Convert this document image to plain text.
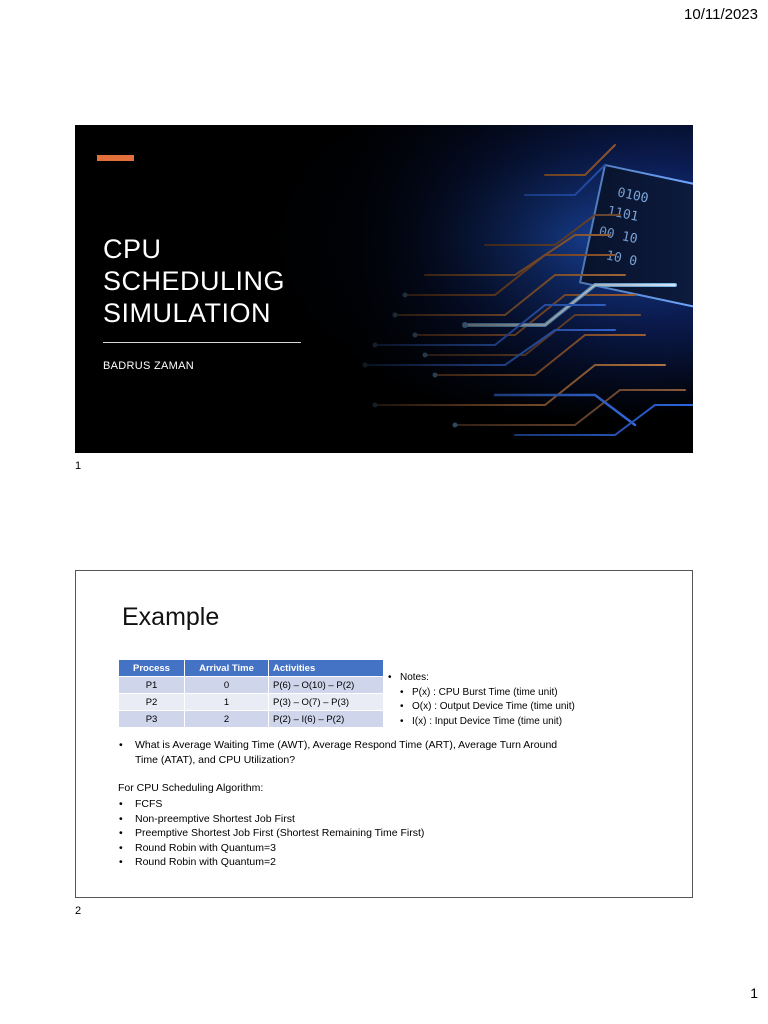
10/11/2023
CPU
SCHEDULING
SIMULATION
BADRUS ZAMAN
1
Example
Process	Arrival Time	Activities
P1	0	P(6) – O(10) – P(2)
P2	1	P(3) – O(7) – P(3)
P3	2	P(2) – I(6) – P(2)
• Notes:
• P(x) : CPU Burst Time (time unit)
• O(x) : Output Device Time (time unit)
• I(x) : Input Device Time (time unit)
•	What is Average Waiting Time (AWT), Average Respond Time (ART), Average Turn Around Time (ATAT), and CPU Utilization?
For CPU Scheduling Algorithm:
• FCFS
• Non-preemptive Shortest Job First
• Preemptive Shortest Job First (Shortest Remaining Time First)
• Round Robin with Quantum=3
• Round Robin with Quantum=2
2
1
